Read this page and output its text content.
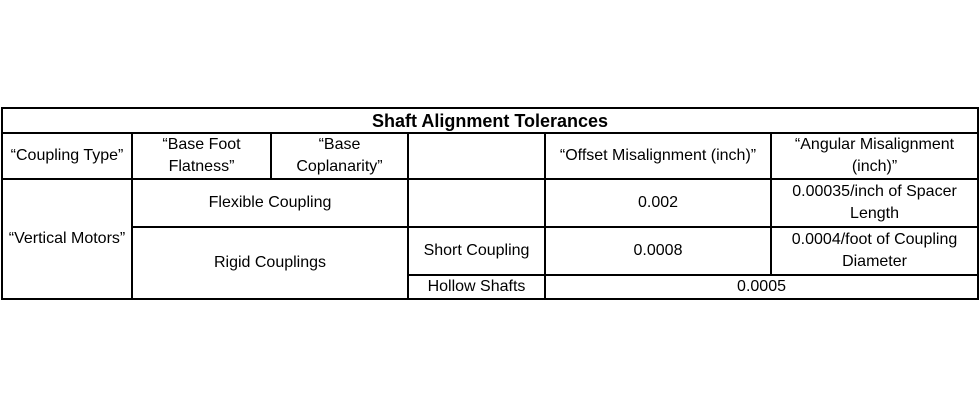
Shaft Alignment Tolerances					
“Coupling Type”	“Base Foot Flatness”	“Base Coplanarity”		“Offset Misalignment (inch)”	“Angular Misalignment (inch)”
“Vertical Motors”	Flexible Coupling			0.002	0.00035/inch of Spacer Length
	Rigid Couplings		Short Coupling	0.0008	0.0004/foot of Coupling Diameter
			Hollow Shafts	0.0005	
